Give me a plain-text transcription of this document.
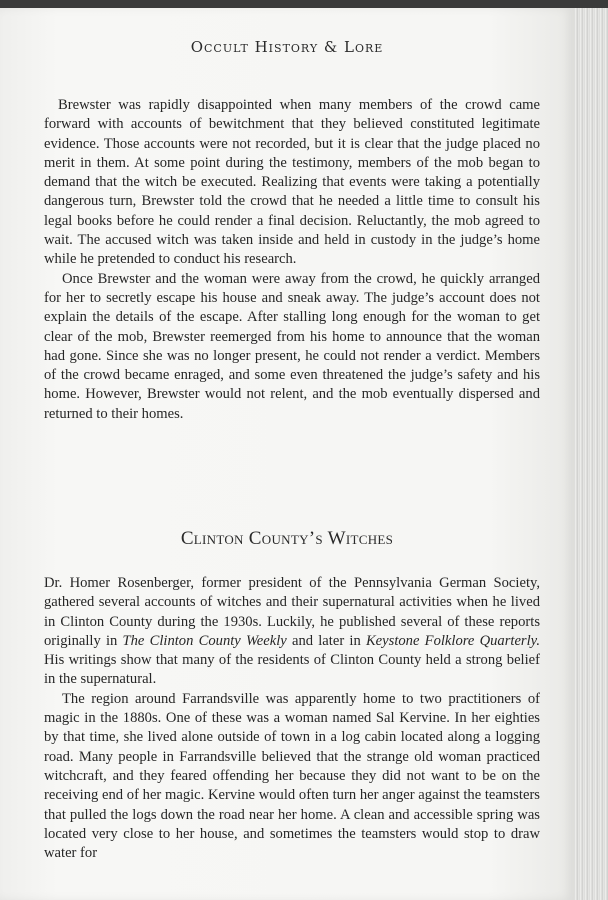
Occult History & Lore

Brewster was rapidly disappointed when many members of the crowd came forward with accounts of bewitchment that they believed constituted legitimate evidence. Those accounts were not recorded, but it is clear that the judge placed no merit in them. At some point during the testimony, members of the mob began to demand that the witch be executed. Realizing that events were taking a potentially dangerous turn, Brewster told the crowd that he needed a little time to consult his legal books before he could render a final decision. Reluctantly, the mob agreed to wait. The accused witch was taken inside and held in custody in the judge’s home while he pretended to conduct his research.

Once Brewster and the woman were away from the crowd, he quickly arranged for her to secretly escape his house and sneak away. The judge’s account does not explain the details of the escape. After stalling long enough for the woman to get clear of the mob, Brewster reemerged from his home to announce that the woman had gone. Since she was no longer present, he could not render a verdict. Members of the crowd became enraged, and some even threatened the judge’s safety and his home. However, Brewster would not relent, and the mob eventually dispersed and returned to their homes.

Clinton County’s Witches

Dr. Homer Rosenberger, former president of the Pennsylvania German Society, gathered several accounts of witches and their supernatural activities when he lived in Clinton County during the 1930s. Luckily, he published several of these reports originally in The Clinton County Weekly and later in Keystone Folklore Quarterly. His writings show that many of the residents of Clinton County held a strong belief in the supernatural.

The region around Farrandsville was apparently home to two practitioners of magic in the 1880s. One of these was a woman named Sal Kervine. In her eighties by that time, she lived alone outside of town in a log cabin located along a logging road. Many people in Farrandsville believed that the strange old woman practiced witchcraft, and they feared offending her because they did not want to be on the receiving end of her magic. Kervine would often turn her anger against the teamsters that pulled the logs down the road near her home. A clean and accessible spring was located very close to her house, and sometimes the teamsters would stop to draw water for
